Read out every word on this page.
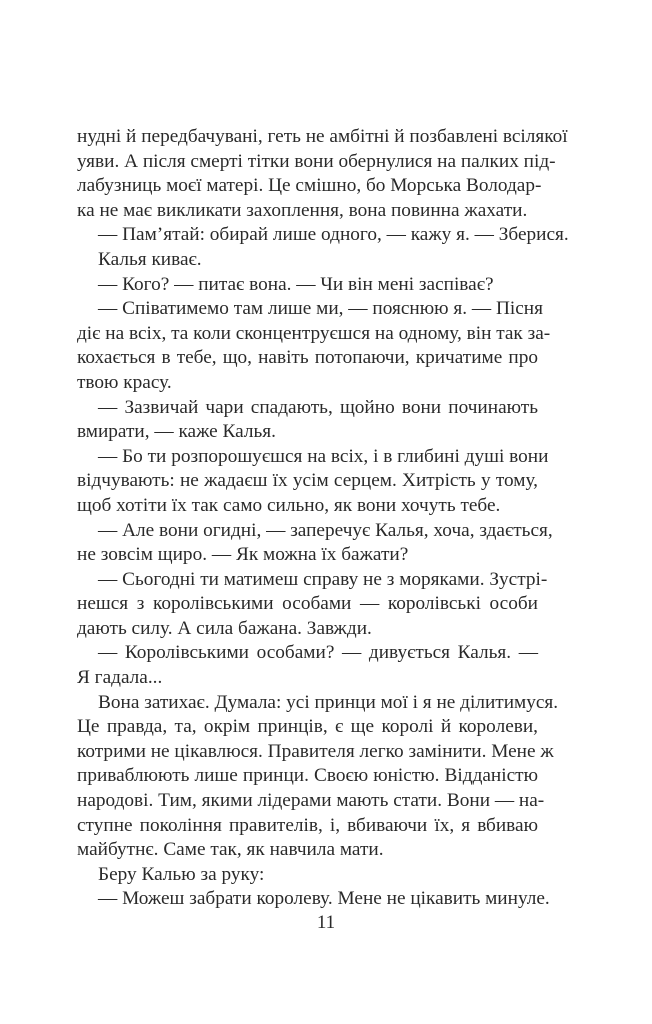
нудні й передбачувані, геть не амбітні й позбавлені всілякої
уяви. А після смерті тітки вони обернулися на палких під-
лабузниць моєї матері. Це смішно, бо Морська Володар-
ка не має викликати захоплення, вона повинна жахати.
— Пам’ятай: обирай лише одного, — кажу я. — Зберися.
Калья киває.
— Кого? — питає вона. — Чи він мені заспіває?
— Співатимемо там лише ми, — пояснюю я. — Пісня
діє на всіх, та коли сконцентруєшся на одному, він так за-
кохається в тебе, що, навіть потопаючи, кричатиме про
твою красу.
— Зазвичай чари спадають, щойно вони починають
вмирати, — каже Калья.
— Бо ти розпорошуєшся на всіх, і в глибині душі вони
відчувають: не жадаєш їх усім серцем. Хитрість у тому,
щоб хотіти їх так само сильно, як вони хочуть тебе.
— Але вони огидні, — заперечує Калья, хоча, здається,
не зовсім щиро. — Як можна їх бажати?
— Сьогодні ти матимеш справу не з моряками. Зустрі-
нешся з королівськими особами — королівські особи
дають силу. А сила бажана. Завжди.
— Королівськими особами? — дивується Калья. —
Я гадала...
Вона затихає. Думала: усі принци мої і я не ділитимуся.
Це правда, та, окрім принців, є ще королі й королеви,
котрими не цікавлюся. Правителя легко замінити. Мене ж
приваблюють лише принци. Своєю юністю. Відданістю
народові. Тим, якими лідерами мають стати. Вони — на-
ступне покоління правителів, і, вбиваючи їх, я вбиваю
майбутнє. Саме так, як навчила мати.
Беру Калью за руку:
— Можеш забрати королеву. Мене не цікавить минуле.
11
